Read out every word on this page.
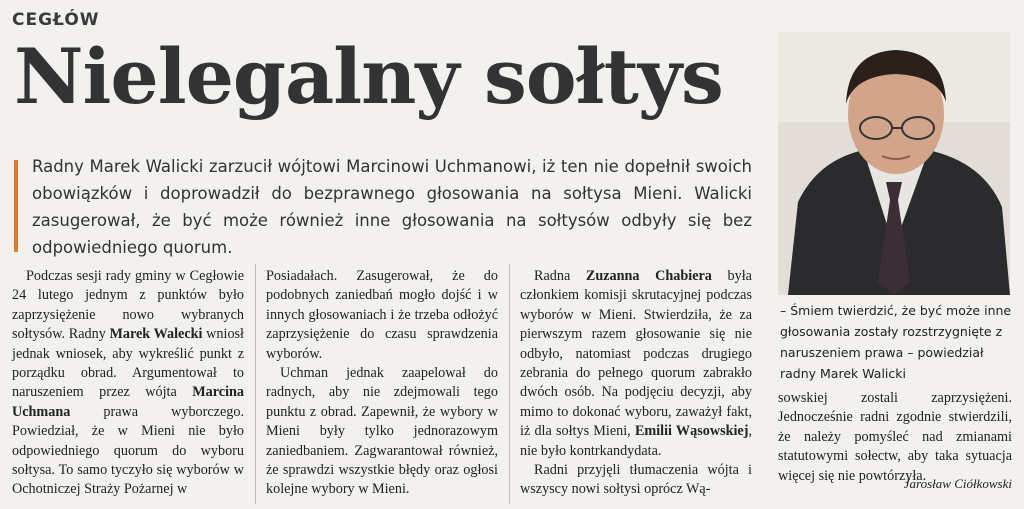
CEGŁÓW
Nielegalny sołtys
Radny Marek Walicki zarzucił wójtowi Marcinowi Uchmanowi, iż ten nie dopełnił swoich obowiązków i doprowadził do bezprawnego głosowania na sołtysa Mieni. Walicki zasugerował, że być może również inne głosowania na sołtysów odbyły się bez odpowiedniego quorum.

Podczas sesji rady gminy w Cegłowie 24 lutego jednym z punktów było zaprzysiężenie nowo wybranych sołtysów. Radny Marek Walecki wniosł jednak wniosek, aby wykreślić punkt z porządku obrad. Argumentował to naruszeniem przez wójta Marcina Uchmana prawa wyborczego. Powiedział, że w Mieni nie było odpowiedniego quorum do wyboru sołtysa. To samo tyczyło się wyborów w Ochotniczej Straży Pożarnej w

Posiadałach. Zasugerował, że do podobnych zaniedbań mogło dojść i w innych głosowaniach i że trzeba odłożyć zaprzysiężenie do czasu sprawdzenia wyborów.

Uchman jednak zaapelował do radnych, aby nie zdejmowali tego punktu z obrad. Zapewnił, że wybory w Mieni były tylko jednorazowym zaniedbaniem. Zagwarantował również, że sprawdzi wszystkie błędy oraz ogłosi kolejne wybory w Mieni.

Radna Zuzanna Chabiera była członkiem komisji skrutacyjnej podczas wyborów w Mieni. Stwierdziła, że za pierwszym razem głosowanie się nie odbyło, natomiast podczas drugiego zebrania do pełnego quorum zabrakło dwóch osób. Na podjęciu decyzji, aby mimo to dokonać wyboru, zaważył fakt, iż dla sołtys Mieni, Emilii Wąsowskiej, nie było kontrkandydata.

Radni przyjęli tłumaczenia wójta i wszyscy nowi sołtysi oprócz Wą-

– Śmiem twierdzić, że być może inne głosowania zostały rozstrzygnięte z naruszeniem prawa – powiedział radny Marek Walicki

sowskiej zostali zaprzysiężeni. Jednocześnie radni zgodnie stwierdzili, że należy pomyśleć nad zmianami statutowymi sołectw, aby taka sytuacja więcej się nie powtórzyła.

Jarosław Ciółkowski
